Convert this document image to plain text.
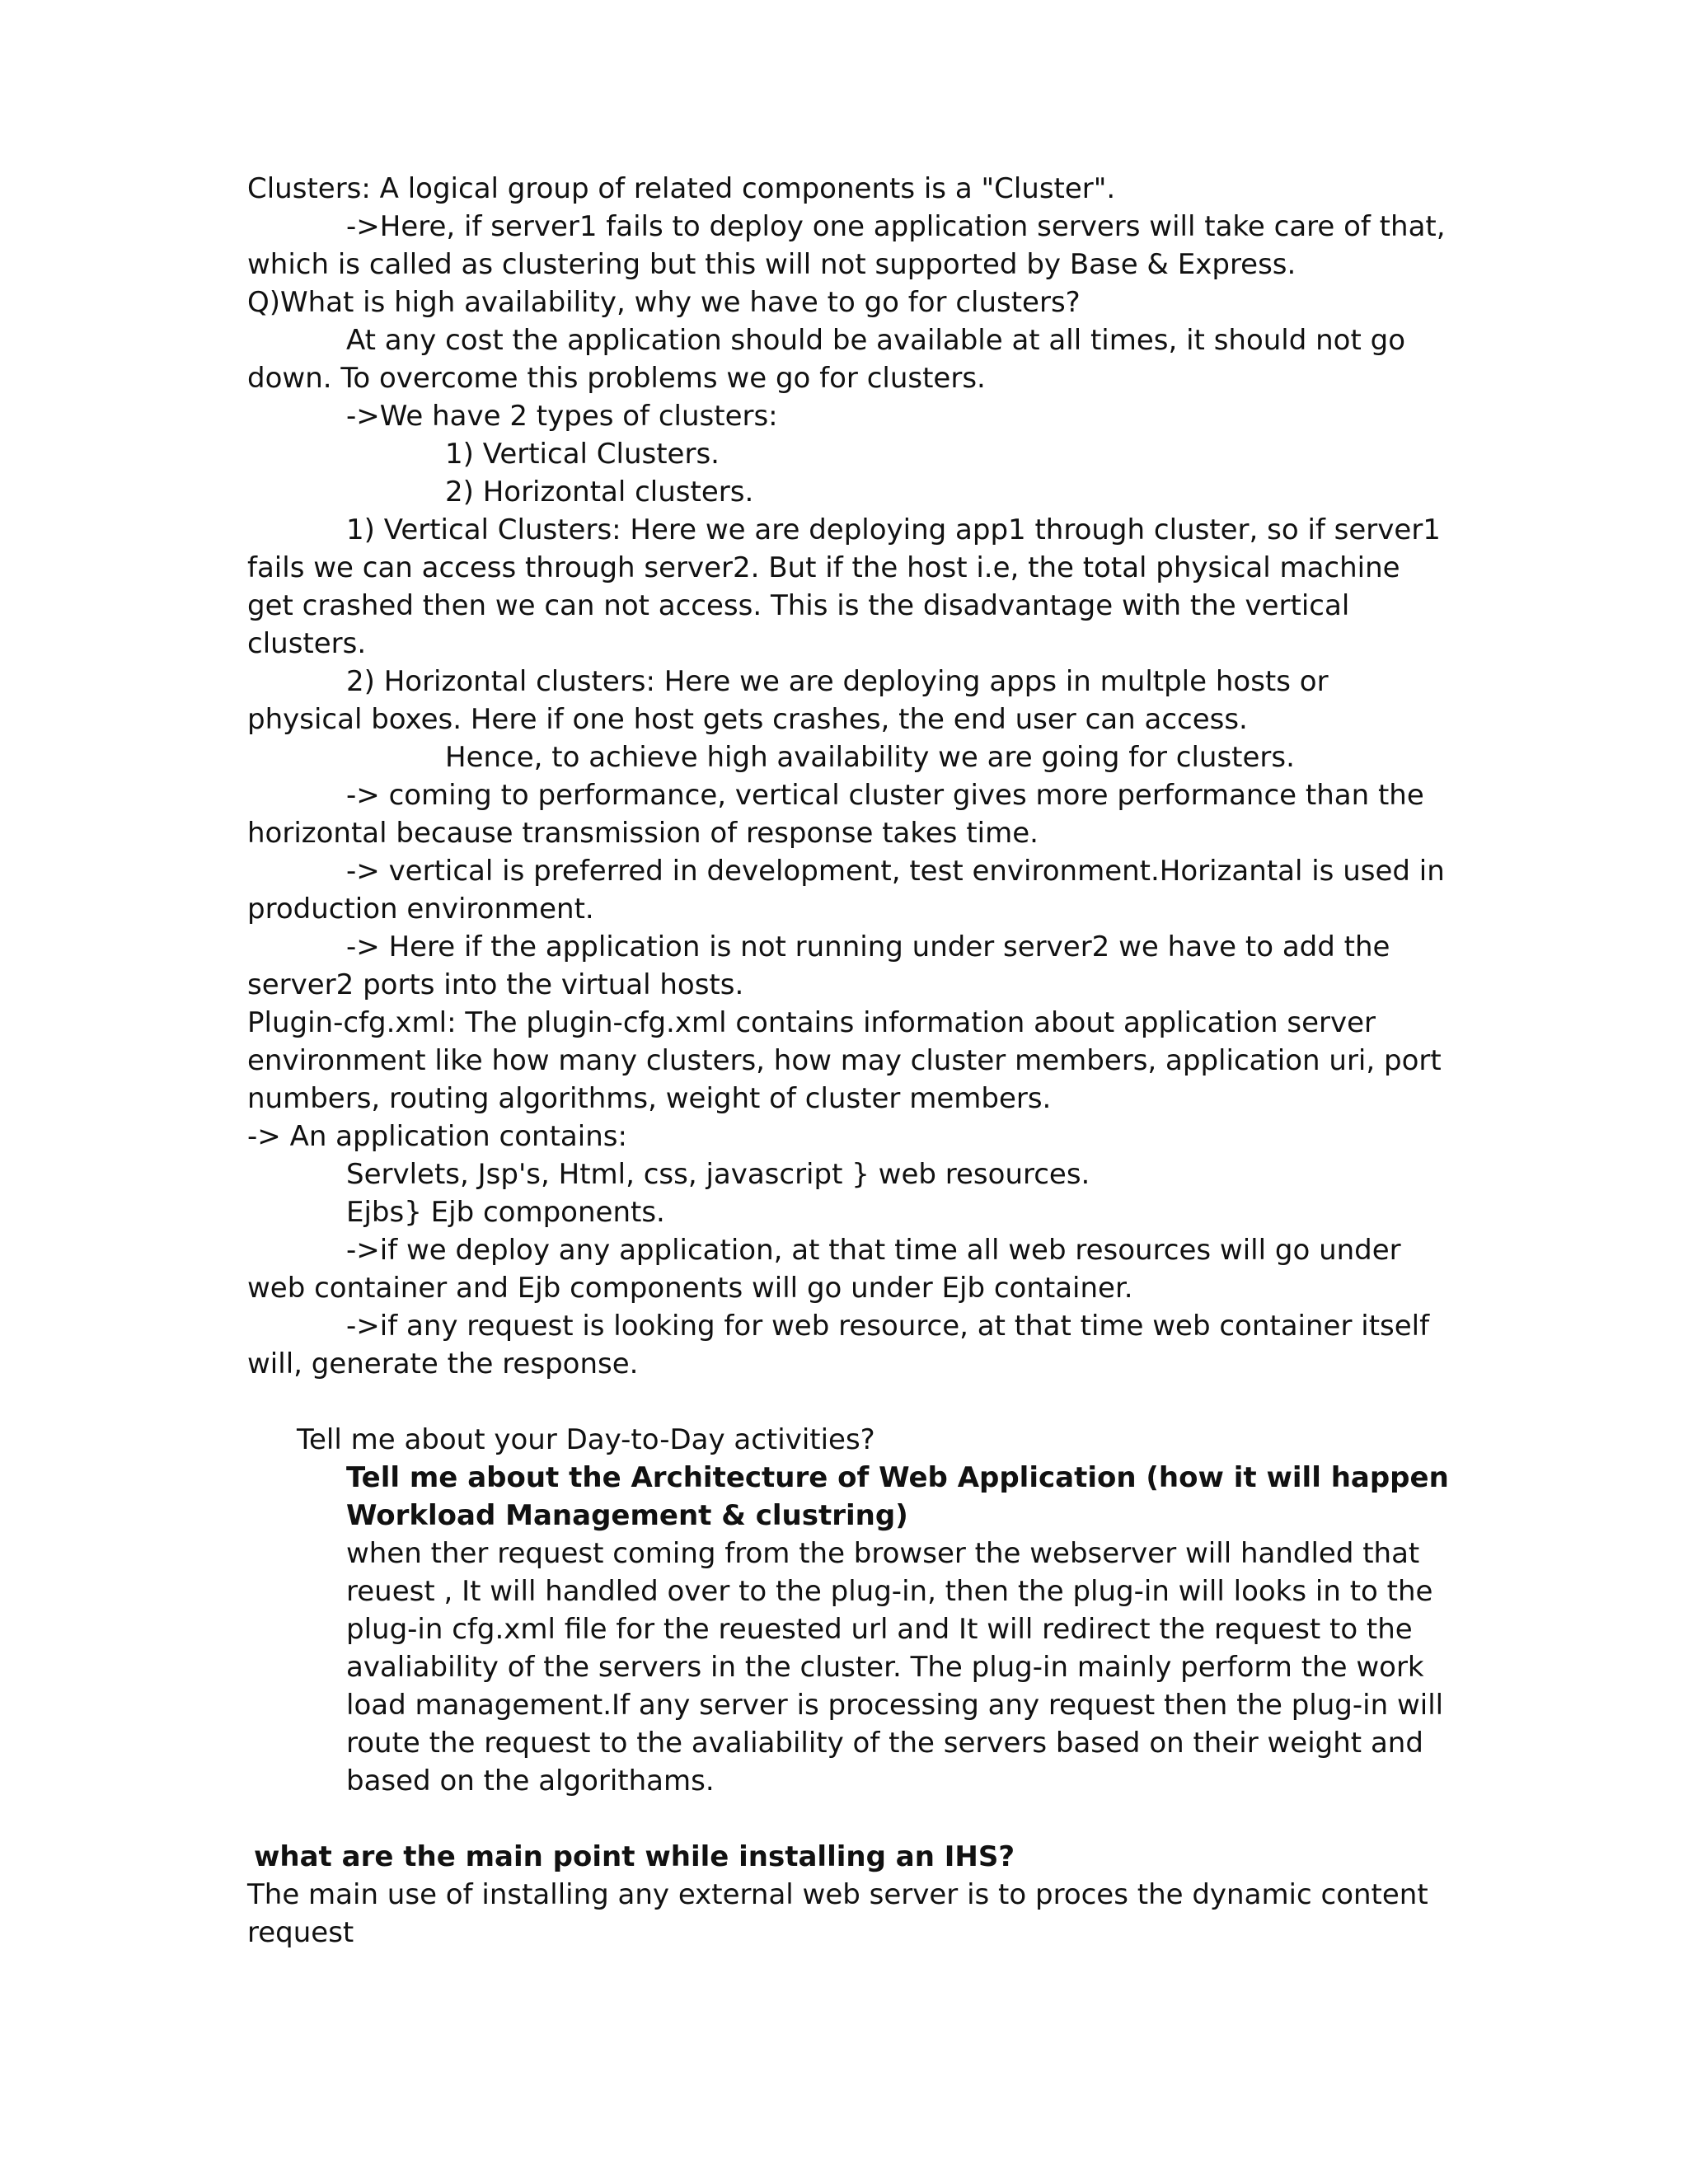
Clusters: A logical group of related components is a "Cluster".
->Here, if server1 fails to deploy one application servers will take care of that,
which is called as clustering but this will not supported by Base & Express.
Q)What is high availability, why we have to go for clusters?
At any cost the application should be available at all times, it should not go
down. To overcome this problems we go for clusters.
->We have 2 types of clusters:
1) Vertical Clusters.
2) Horizontal clusters.
1) Vertical Clusters: Here we are deploying app1 through cluster, so if server1
fails we can access through server2. But if the host i.e, the total physical machine
get crashed then we can not access. This is the disadvantage with the vertical
clusters.
2) Horizontal clusters: Here we are deploying apps in multple hosts or
physical boxes. Here if one host gets crashes, the end user can access.
Hence, to achieve high availability we are going for clusters.
-> coming to performance, vertical cluster gives more performance than the
horizontal because transmission of response takes time.
-> vertical is preferred in development, test environment.Horizantal is used in
production environment.
-> Here if the application is not running under server2 we have to add the
server2 ports into the virtual hosts.
Plugin-cfg.xml: The plugin-cfg.xml contains information about application server
environment like how many clusters, how may cluster members, application uri, port
numbers, routing algorithms, weight of cluster members.
-> An application contains:
Servlets, Jsp's, Html, css, javascript } web resources.
Ejbs} Ejb components.
->if we deploy any application, at that time all web resources will go under
web container and Ejb components will go under Ejb container.
->if any request is looking for web resource, at that time web container itself
will, generate the response.
Tell me about your Day-to-Day activities?
Tell me about the Architecture of Web Application (how it will happen
Workload Management & clustring)
when ther request coming from the browser the webserver will handled that
reuest , It will handled over to the plug-in, then the plug-in will looks in to the
plug-in cfg.xml file for the reuested url and It will redirect the request to the
avaliability of the servers in the cluster. The plug-in mainly perform the work
load management.If any server is processing any request then the plug-in will
route the request to the avaliability of the servers based on their weight and
based on the algorithams.
what are the main point while installing an IHS?
The main use of installing any external web server is to proces the dynamic content
request
